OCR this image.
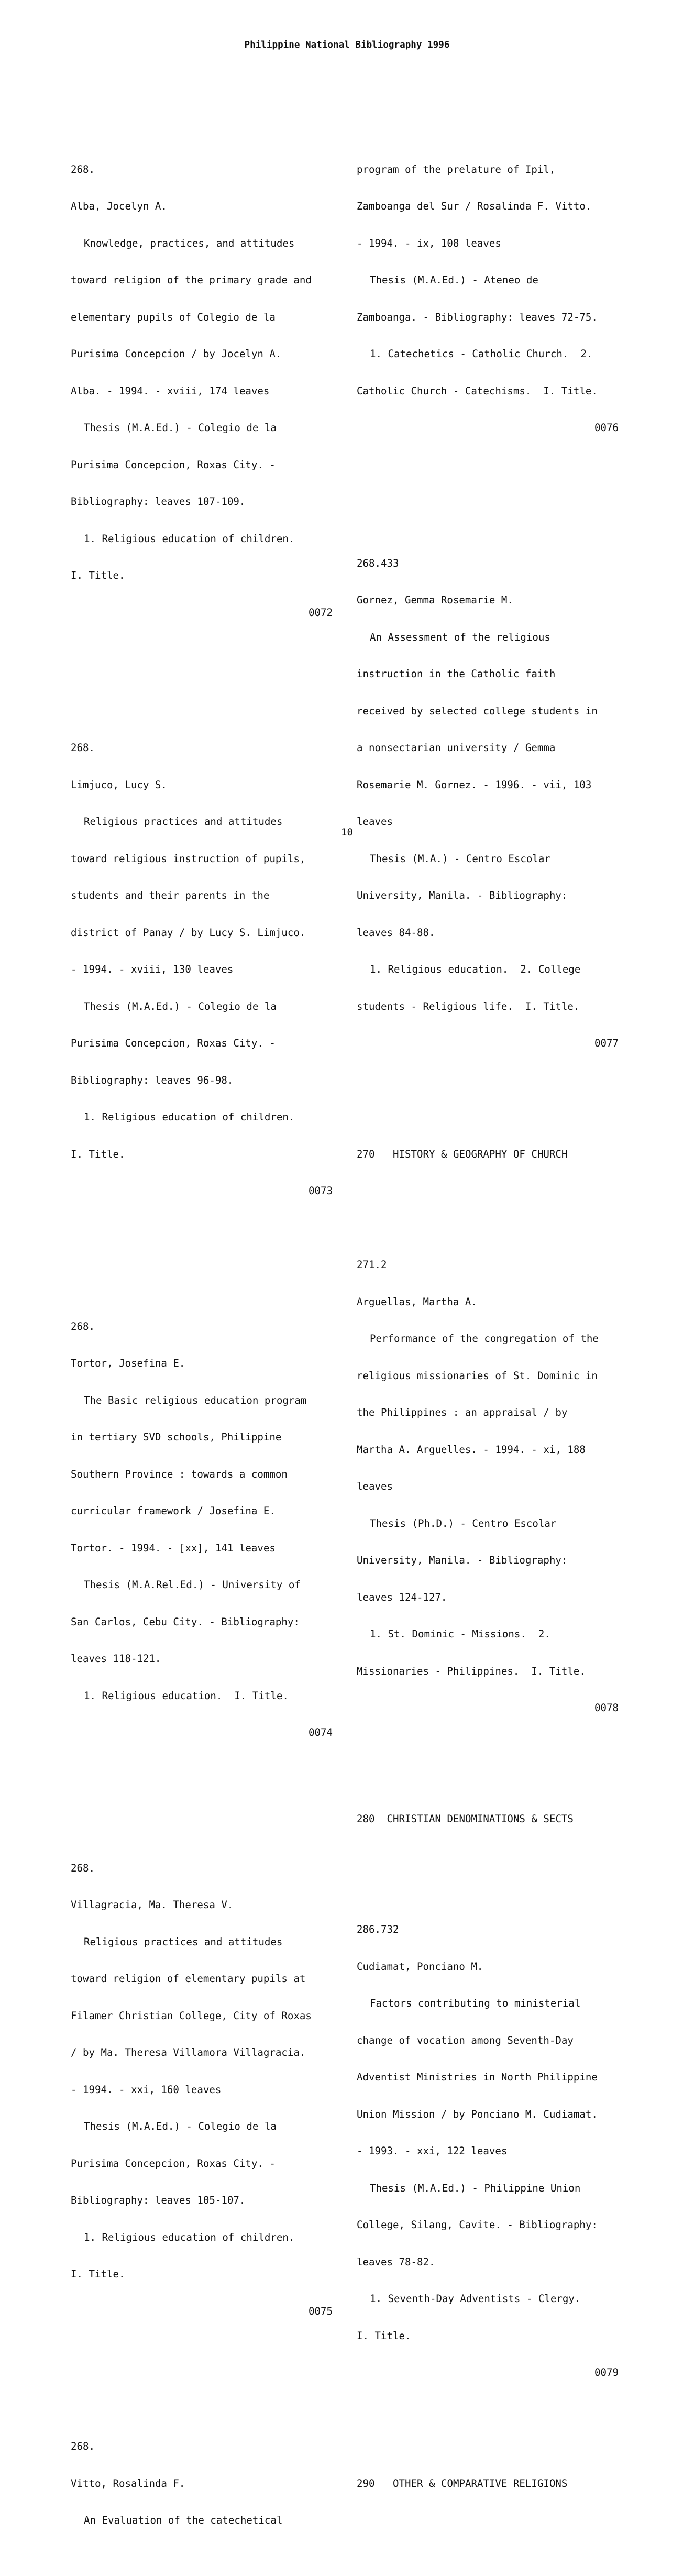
Philippine National Bibliography 1996

268.

Alba, Jocelyn A.

Knowledge, practices, and attitudes

toward religion of the primary grade and

elementary pupils of Colegio de la

Purisima Concepcion / by Jocelyn A.

Alba. - 1994. - xviii, 174 leaves

Thesis (M.A.Ed.) - Colegio de la

Purisima Concepcion, Roxas City. -

Bibliography: leaves 107-109.

1. Religious education of children.

I. Title.

0072

268.

Limjuco, Lucy S.

Religious practices and attitudes

toward religious instruction of pupils,

students and their parents in the

district of Panay / by Lucy S. Limjuco.

- 1994. - xviii, 130 leaves

Thesis (M.A.Ed.) - Colegio de la

Purisima Concepcion, Roxas City. -

Bibliography: leaves 96-98.

1. Religious education of children.

I. Title.

0073

268.

Tortor, Josefina E.

The Basic religious education program

in tertiary SVD schools, Philippine

Southern Province : towards a common

curricular framework / Josefina E.

Tortor. - 1994. - [xx], 141 leaves

Thesis (M.A.Rel.Ed.) - University of

San Carlos, Cebu City. - Bibliography:

leaves 118-121.

1. Religious education.  I. Title.

0074

268.

Villagracia, Ma. Theresa V.

Religious practices and attitudes

toward religion of elementary pupils at

Filamer Christian College, City of Roxas

/ by Ma. Theresa Villamora Villagracia.

- 1994. - xxi, 160 leaves

Thesis (M.A.Ed.) - Colegio de la

Purisima Concepcion, Roxas City. -

Bibliography: leaves 105-107.

1. Religious education of children.

I. Title.

0075

268.

Vitto, Rosalinda F.

An Evaluation of the catechetical

program of the prelature of Ipil,

Zamboanga del Sur / Rosalinda F. Vitto.

- 1994. - ix, 108 leaves

Thesis (M.A.Ed.) - Ateneo de

Zamboanga. - Bibliography: leaves 72-75.

1. Catechetics - Catholic Church.  2.

Catholic Church - Catechisms.  I. Title.

0076

268.433

Gornez, Gemma Rosemarie M.

An Assessment of the religious

instruction in the Catholic faith

received by selected college students in

a nonsectarian university / Gemma

Rosemarie M. Gornez. - 1996. - vii, 103

leaves

Thesis (M.A.) - Centro Escolar

University, Manila. - Bibliography:

leaves 84-88.

1. Religious education.  2. College

students - Religious life.  I. Title.

0077

270 HISTORY & GEOGRAPHY OF CHURCH

271.2

Arguellas, Martha A.

Performance of the congregation of the

religious missionaries of St. Dominic in

the Philippines : an appraisal / by

Martha A. Arguelles. - 1994. - xi, 188

leaves

Thesis (Ph.D.) - Centro Escolar

University, Manila. - Bibliography:

leaves 124-127.

1. St. Dominic - Missions.  2.

Missionaries - Philippines.  I. Title.

0078

280 CHRISTIAN DENOMINATIONS & SECTS

286.732

Cudiamat, Ponciano M.

Factors contributing to ministerial

change of vocation among Seventh-Day

Adventist Ministries in North Philippine

Union Mission / by Ponciano M. Cudiamat.

- 1993. - xxi, 122 leaves

Thesis (M.A.Ed.) - Philippine Union

College, Silang, Cavite. - Bibliography:

leaves 78-82.

1. Seventh-Day Adventists - Clergy.

I. Title.

0079

290 OTHER & COMPARATIVE RELIGIONS

10
